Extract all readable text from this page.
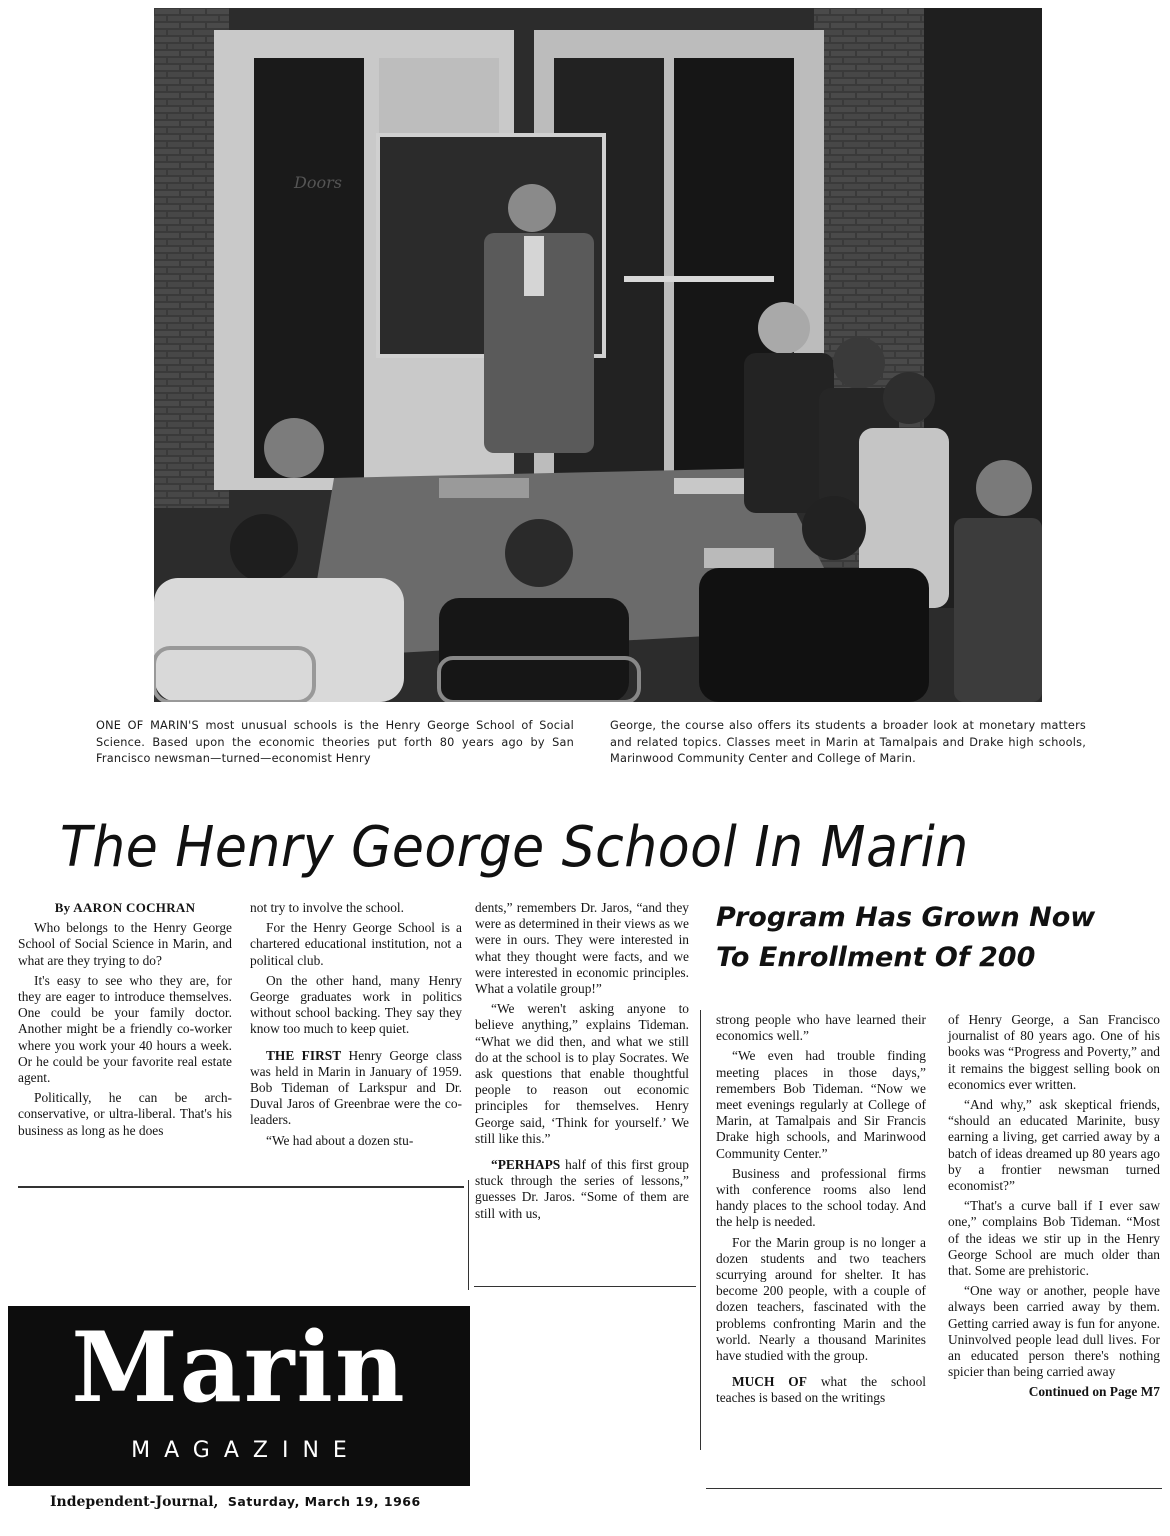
Doors
ONE OF MARIN'S most unusual schools is the Henry George School of Social Science. Based upon the economic theories put forth 80 years ago by San Francisco newsman—turned—economist Henry
George, the course also offers its students a broader look at monetary matters and related topics. Classes meet in Marin at Tamalpais and Drake high schools, Marinwood Community Center and College of Marin.
The Henry George School In Marin
Program Has Grown Now
To Enrollment Of 200

By AARON COCHRAN

Who belongs to the Henry George School of Social Science in Marin, and what are they trying to do?

It's easy to see who they are, for they are eager to introduce themselves. One could be your family doctor. Another might be a friendly co-worker where you work your 40 hours a week. Or he could be your favorite real estate agent.

Politically, he can be arch-conservative, or ultra-liberal. That's his business as long as he does

not try to involve the school.

For the Henry George School is a chartered educational institution, not a political club.

On the other hand, many Henry George graduates work in politics without school backing. They say they know too much to keep quiet.

THE FIRST Henry George class was held in Marin in January of 1959. Bob Tideman of Larkspur and Dr. Duval Jaros of Greenbrae were the co-leaders.

“We had about a dozen stu-

dents,” remembers Dr. Jaros, “and they were as determined in their views as we were in ours. They were interested in what they thought were facts, and we were interested in economic principles. What a volatile group!”

“We weren't asking anyone to believe anything,” explains Tideman. “What we did then, and what we still do at the school is to play Socrates. We ask questions that enable thoughtful people to reason out economic principles for themselves. Henry George said, ‘Think for yourself.’ We still like this.”

“PERHAPS half of this first group stuck through the series of lessons,” guesses Dr. Jaros. “Some of them are still with us,

strong people who have learned their economics well.”

“We even had trouble finding meeting places in those days,” remembers Bob Tideman. “Now we meet evenings regularly at College of Marin, at Tamalpais and Sir Francis Drake high schools, and Marinwood Community Center.”

Business and professional firms with conference rooms also lend handy places to the school today. And the help is needed.

For the Marin group is no longer a dozen students and two teachers scurrying around for shelter. It has become 200 people, with a couple of dozen teachers, fascinated with the problems confronting Marin and the world. Nearly a thousand Marinites have studied with the group.

MUCH OF what the school teaches is based on the writings

of Henry George, a San Francisco journalist of 80 years ago. One of his books was “Progress and Poverty,” and it remains the biggest selling book on economics ever written.

“And why,” ask skeptical friends, “should an educated Marinite, busy earning a living, get carried away by a batch of ideas dreamed up 80 years ago by a frontier newsman turned economist?”

“That's a curve ball if I ever saw one,” complains Bob Tideman. “Most of the ideas we stir up in the Henry George School are much older than that. Some are prehistoric.

“One way or another, people have always been carried away by them. Getting carried away is fun for anyone. Uninvolved people lead dull lives. For an educated person there's nothing spicier than being carried away

Continued on Page M7

Marin
MAGAZINE
Independent-Journal, Saturday, March 19, 1966
